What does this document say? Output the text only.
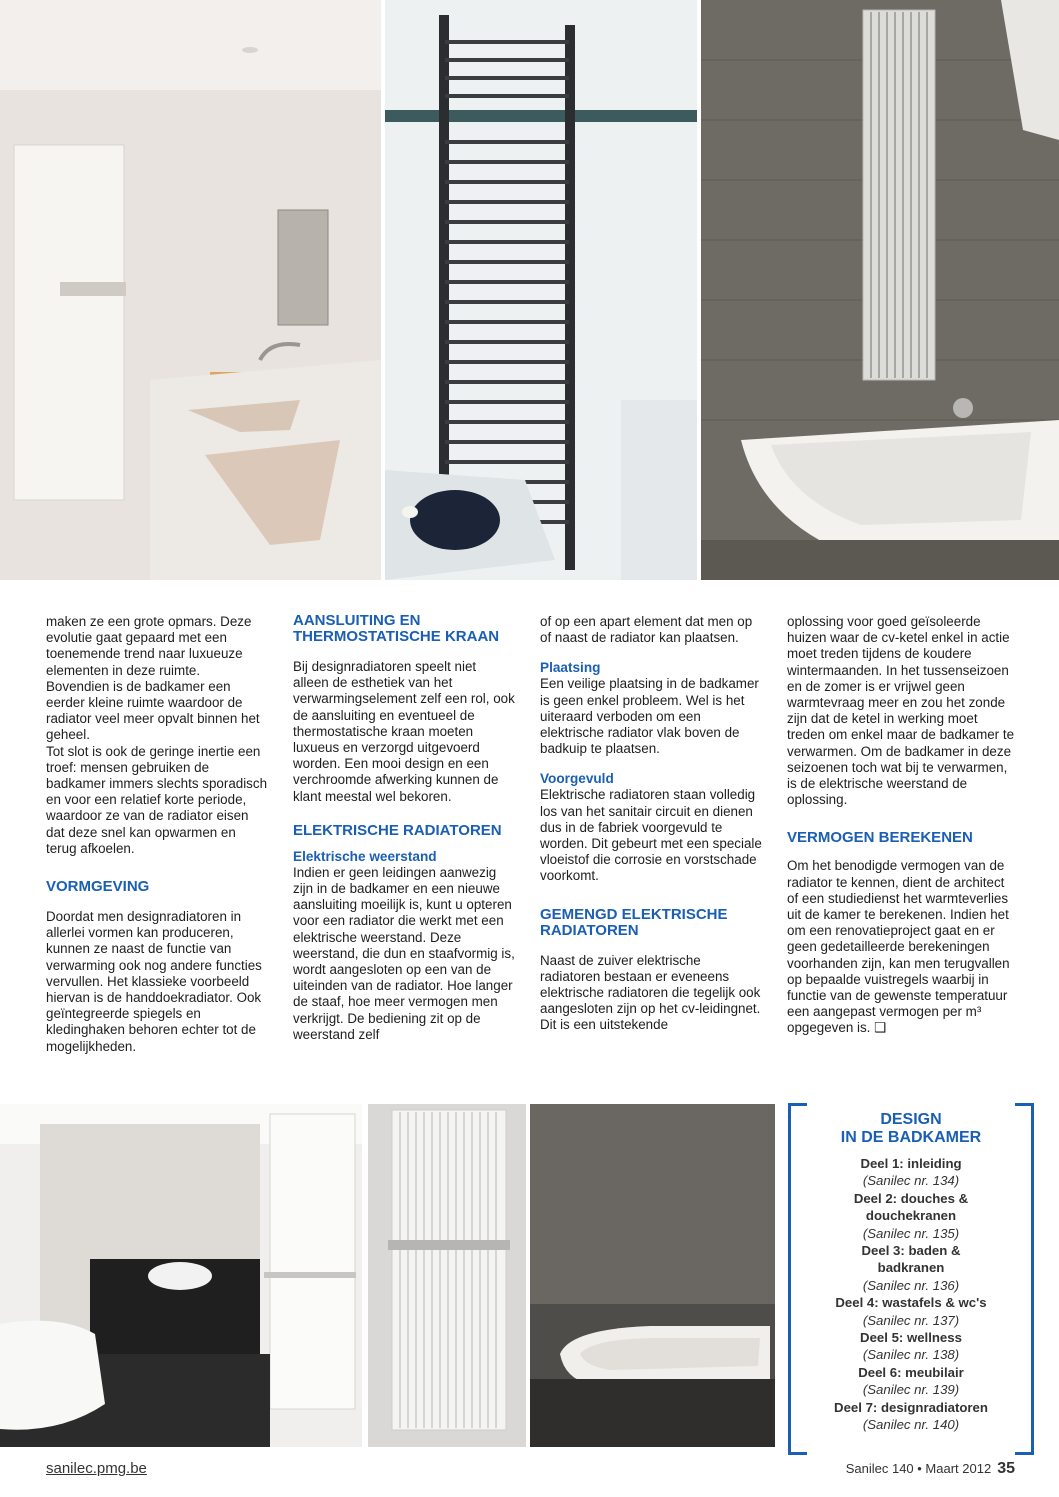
maken ze een grote opmars. Deze evolutie gaat gepaard met een toenemende trend naar luxueuze elementen in deze ruimte.

Bovendien is de badkamer een eerder kleine ruimte waardoor de radiator veel meer opvalt binnen het geheel.

Tot slot is ook de geringe inertie een troef: mensen gebruiken de badkamer immers slechts sporadisch en voor een relatief korte periode, waardoor ze van de radiator eisen dat deze snel kan opwarmen en terug afkoelen.

VORMGEVING

Doordat men designradiatoren in allerlei vormen kan produceren, kunnen ze naast de functie van verwarming ook nog andere functies vervullen. Het klassieke voorbeeld hiervan is de handdoekradiator. Ook geïntegreerde spiegels en kledinghaken behoren echter tot de mogelijkheden.

AANSLUITING EN THERMOSTATISCHE KRAAN

Bij designradiatoren speelt niet alleen de esthetiek van het verwarmingselement zelf een rol, ook de aansluiting en eventueel de thermostatische kraan moeten luxueus en verzorgd uitgevoerd worden. Een mooi design en een verchroomde afwerking kunnen de klant meestal wel bekoren.

ELEKTRISCHE RADIATOREN
Elektrische weerstand

Indien er geen leidingen aanwezig zijn in de badkamer en een nieuwe aansluiting moeilijk is, kunt u opteren voor een radiator die werkt met een elektrische weerstand. Deze weerstand, die dun en staafvormig is, wordt aangesloten op een van de uiteinden van de radiator. Hoe langer de staaf, hoe meer vermogen men verkrijgt. De bediening zit op de weerstand zelf

of op een apart element dat men op of naast de radiator kan plaatsen.

Plaatsing

Een veilige plaatsing in de badkamer is geen enkel probleem. Wel is het uiteraard verboden om een elektrische radiator vlak boven de badkuip te plaatsen.

Voorgevuld

Elektrische radiatoren staan volledig los van het sanitair circuit en dienen dus in de fabriek voorgevuld te worden. Dit gebeurt met een speciale vloeistof die corrosie en vorstschade voorkomt.

GEMENGD ELEKTRISCHE RADIATOREN

Naast de zuiver elektrische radiatoren bestaan er eveneens elektrische radiatoren die tegelijk ook aangesloten zijn op het cv-leidingnet. Dit is een uitstekende

oplossing voor goed geïsoleerde huizen waar de cv-ketel enkel in actie moet treden tijdens de koudere wintermaanden. In het tussenseizoen en de zomer is er vrijwel geen warmtevraag meer en zou het zonde zijn dat de ketel in werking moet treden om enkel maar de badkamer te verwarmen. Om de badkamer in deze seizoenen toch wat bij te verwarmen, is de elektrische weerstand de oplossing.

VERMOGEN BEREKENEN

Om het benodigde vermogen van de radiator te kennen, dient de architect of een studiedienst het warmteverlies uit de kamer te berekenen. Indien het om een renovatieproject gaat en er geen gedetailleerde berekeningen voorhanden zijn, kan men terugvallen op bepaalde vuistregels waarbij in functie van de gewenste temperatuur een aangepast vermogen per m³ opgegeven is. ❑

DESIGN
IN DE BADKAMER
Deel 1: inleiding
(Sanilec nr. 134)
Deel 2: douches & douchekranen
(Sanilec nr. 135)
Deel 3: baden & badkranen
(Sanilec nr. 136)
Deel 4: wastafels & wc's
(Sanilec nr. 137)
Deel 5: wellness
(Sanilec nr. 138)
Deel 6: meubilair
(Sanilec nr. 139)
Deel 7: designradiatoren
(Sanilec nr. 140)
sanilec.pmg.be	Sanilec 140 • Maart 2012 35
